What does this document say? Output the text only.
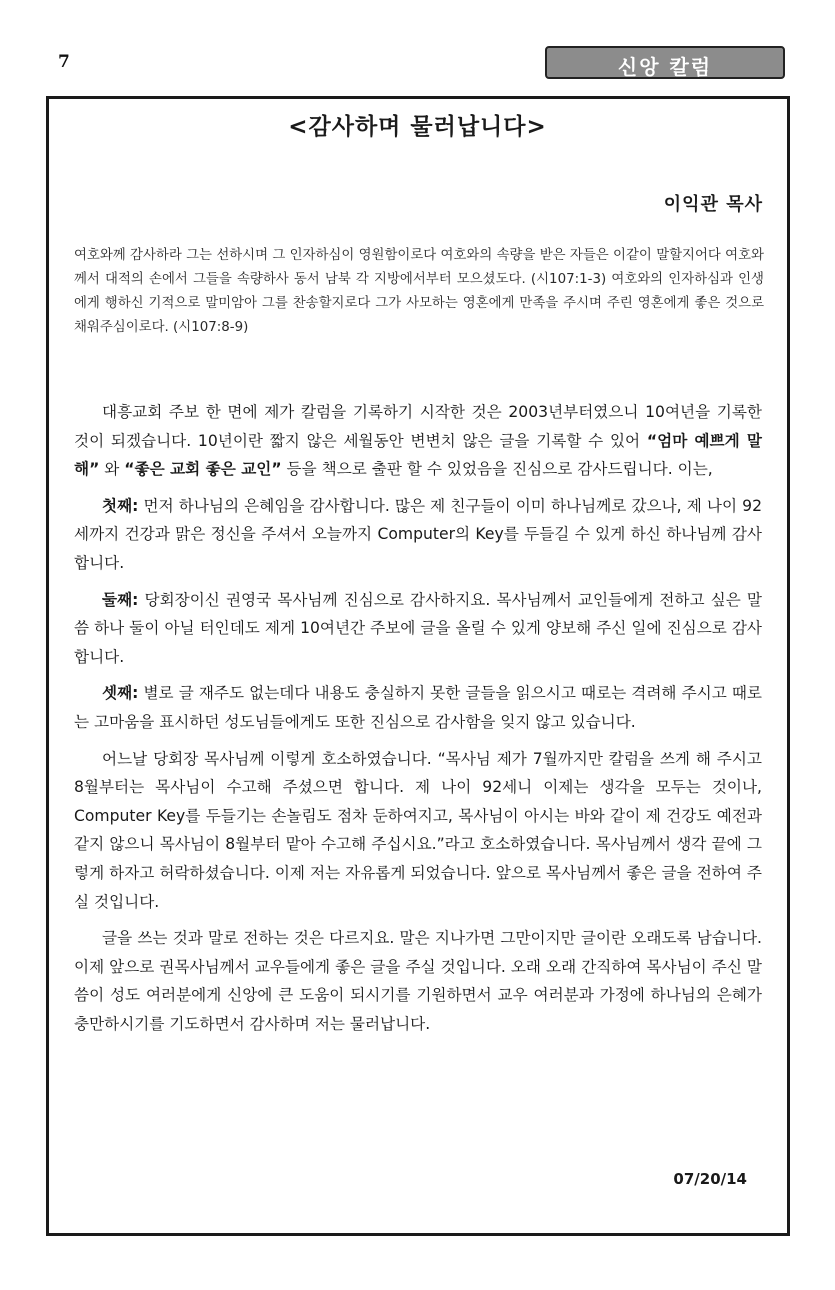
7	신앙 칼럼
<감사하며 물러납니다>
이익관 목사
여호와께 감사하라 그는 선하시며 그 인자하심이 영원함이로다 여호와의 속량을 받은 자들은 이같이 말할지어다 여호와께서 대적의 손에서 그들을 속량하사 동서 남북 각 지방에서부터 모으셨도다. (시107:1-3) 여호와의 인자하심과 인생에게 행하신 기적으로 말미암아 그를 찬송할지로다 그가 사모하는 영혼에게 만족을 주시며 주린 영혼에게 좋은 것으로 채워주심이로다. (시107:8-9)

대흥교회 주보 한 면에 제가 칼럼을 기록하기 시작한 것은 2003년부터였으니 10여년을 기록한 것이 되겠습니다. 10년이란 짧지 않은 세월동안 변변치 않은 글을 기록할 수 있어 “엄마 예쁘게 말해” 와 “좋은 교회 좋은 교인” 등을 책으로 출판 할 수 있었음을 진심으로 감사드립니다. 이는,

첫째: 먼저 하나님의 은혜임을 감사합니다. 많은 제 친구들이 이미 하나님께로 갔으나, 제 나이 92세까지 건강과 맑은 정신을 주셔서 오늘까지 Computer의 Key를 두들길 수 있게 하신 하나님께 감사합니다.

둘째: 당회장이신 권영국 목사님께 진심으로 감사하지요. 목사님께서 교인들에게 전하고 싶은 말씀 하나 둘이 아닐 터인데도 제게 10여년간 주보에 글을 올릴 수 있게 양보해 주신 일에 진심으로 감사합니다.

셋째: 별로 글 재주도 없는데다 내용도 충실하지 못한 글들을 읽으시고 때로는 격려해 주시고 때로는 고마움을 표시하던 성도님들에게도 또한 진심으로 감사함을 잊지 않고 있습니다.

어느날 당회장 목사님께 이렇게 호소하였습니다. “목사님 제가 7월까지만 칼럼을 쓰게 해 주시고 8월부터는 목사님이 수고해 주셨으면 합니다. 제 나이 92세니 이제는 생각을 모두는 것이나, Computer Key를 두들기는 손놀림도 점차 둔하여지고, 목사님이 아시는 바와 같이 제 건강도 예전과 같지 않으니 목사님이 8월부터 맡아 수고해 주십시요.”라고 호소하였습니다. 목사님께서 생각 끝에 그렇게 하자고 허락하셨습니다. 이제 저는 자유롭게 되었습니다. 앞으로 목사님께서 좋은 글을 전하여 주실 것입니다.

글을 쓰는 것과 말로 전하는 것은 다르지요. 말은 지나가면 그만이지만 글이란 오래도록 남습니다. 이제 앞으로 권목사님께서 교우들에게 좋은 글을 주실 것입니다. 오래 오래 간직하여 목사님이 주신 말씀이 성도 여러분에게 신앙에 큰 도움이 되시기를 기원하면서 교우 여러분과 가정에 하나님의 은혜가 충만하시기를 기도하면서 감사하며 저는 물러납니다.

07/20/14
